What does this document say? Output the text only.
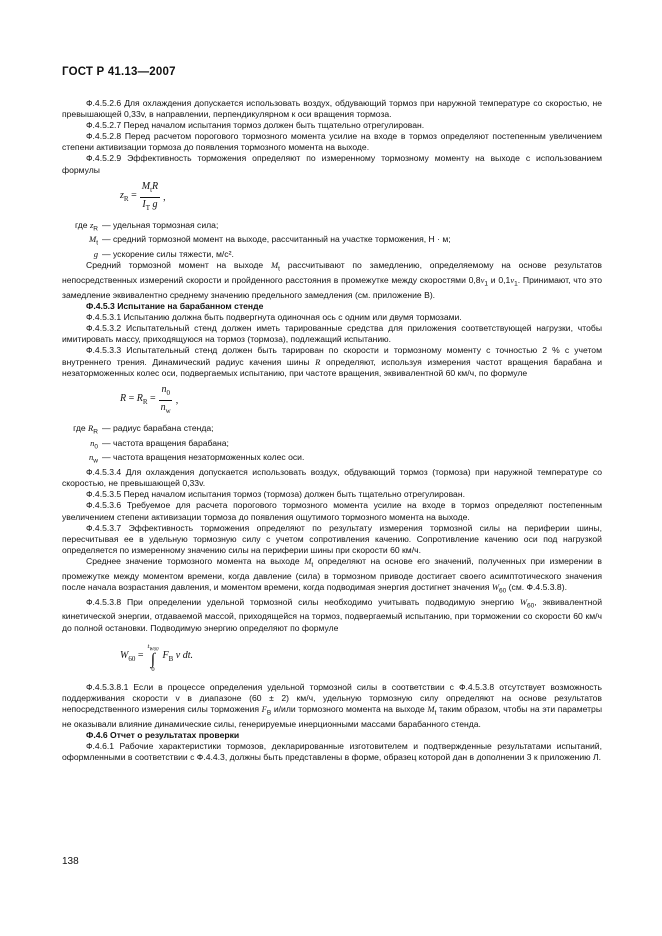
ГОСТ Р 41.13—2007

Ф.4.5.2.6 Для охлаждения допускается использовать воздух, обдувающий тормоз при наружной температуре со скоростью, не превышающей 0,33v, в направлении, перпендикулярном к оси вращения тормоза.

Ф.4.5.2.7 Перед началом испытания тормоз должен быть тщательно отрегулирован.

Ф.4.5.2.8 Перед расчетом порогового тормозного момента усилие на входе в тормоз определяют постепенным увеличением степени активизации тормоза до появления тормозного момента на выходе.

Ф.4.5.2.9 Эффективность торможения определяют по измеренному тормозному моменту на выходе с использованием формулы

$z_R = \frac{M_tR}{I_T g}$ ,
где $z_R$ — удельная тормозная сила;
$M_t$ — средний тормозной момент на выходе, рассчитанный на участке торможения, Н · м;
g — ускорение силы тяжести, м/с².

Средний тормозной момент на выходе $M_t$ рассчитывают по замедлению, определяемому на основе результатов непосредственных измерений скорости и пройденного расстояния в промежутке между скоростями $0,8v_1$ и $0,1v_1$. Принимают, что это замедление эквивалентно среднему значению предельного замедления (см. приложение В).

Ф.4.5.3 Испытание на барабанном стенде

Ф.4.5.3.1 Испытанию должна быть подвергнута одиночная ось с одним или двумя тормозами.

Ф.4.5.3.2 Испытательный стенд должен иметь тарированные средства для приложения соответствующей нагрузки, чтобы имитировать массу, приходящуюся на тормоз (тормоза), подлежащий испытанию.

Ф.4.5.3.3 Испытательный стенд должен быть тарирован по скорости и тормозному моменту с точностью 2 % с учетом внутреннего трения. Динамический радиус качения шины R определяют, используя измерения частот вращения барабана и незаторможенных колес оси, подвергаемых испытанию, при частоте вращения, эквивалентной 60 км/ч, по формуле

$R = R_R = \frac{n_0}{n_w}$ ,
где $R_R$ — радиус барабана стенда;
$n_0$ — частота вращения барабана;
$n_w$ — частота вращения незаторможенных колес оси.

Ф.4.5.3.4 Для охлаждения допускается использовать воздух, обдувающий тормоз (тормоза) при наружной температуре со скоростью, не превышающей 0,33v.

Ф.4.5.3.5 Перед началом испытания тормоз (тормоза) должен быть тщательно отрегулирован.

Ф.4.5.3.6 Требуемое для расчета порогового тормозного момента усилие на входе в тормоз определяют постепенным увеличением степени активизации тормоза до появления ощутимого тормозного момента на выходе.

Ф.4.5.3.7 Эффективность торможения определяют по результату измерения тормозной силы на периферии шины, пересчитывая ее в удельную тормозную силу с учетом сопротивления качению. Сопротивление качению оси под нагрузкой определяется по измеренному значению силы на периферии шины при скорости 60 км/ч.

Среднее значение тормозного момента на выходе $M_t$ определяют на основе его значений, полученных при измерении в промежутке между моментом времени, когда давление (сила) в тормозном приводе достигает своего асимптотического значения после начала возрастания давления, и моментом времени, когда подводимая энергия достигнет значения $W_{60}$ (см. Ф.4.5.3.8).

Ф.4.5.3.8 При определении удельной тормозной силы необходимо учитывать подводимую энергию $W_{60}$, эквивалентной кинетической энергии, отдаваемой массой, приходящейся на тормоз, подвергаемый испытанию, при торможении со скорости 60 км/ч до полной остановки. Подводимую энергию определяют по формуле

$W_{60}$ =
$t_{W60}$
∫
0
$F_B$ v dt.

Ф.4.5.3.8.1 Если в процессе определения удельной тормозной силы в соответствии с Ф.4.5.3.8 отсутствует возможность поддерживания скорости v в диапазоне (60 ± 2) км/ч, удельную тормозную силу определяют на основе результатов непосредственного измерения силы торможения $F_B$ и/или тормозного момента на выходе $M_t$ таким образом, чтобы на эти параметры не оказывали влияние динамические силы, генерируемые инерционными массами барабанного стенда.

Ф.4.6 Отчет о результатах проверки

Ф.4.6.1 Рабочие характеристики тормозов, декларированные изготовителем и подтвержденные результатами испытаний, оформленными в соответствии с Ф.4.4.3, должны быть представлены в форме, образец которой дан в дополнении 3 к приложению Л.

138
